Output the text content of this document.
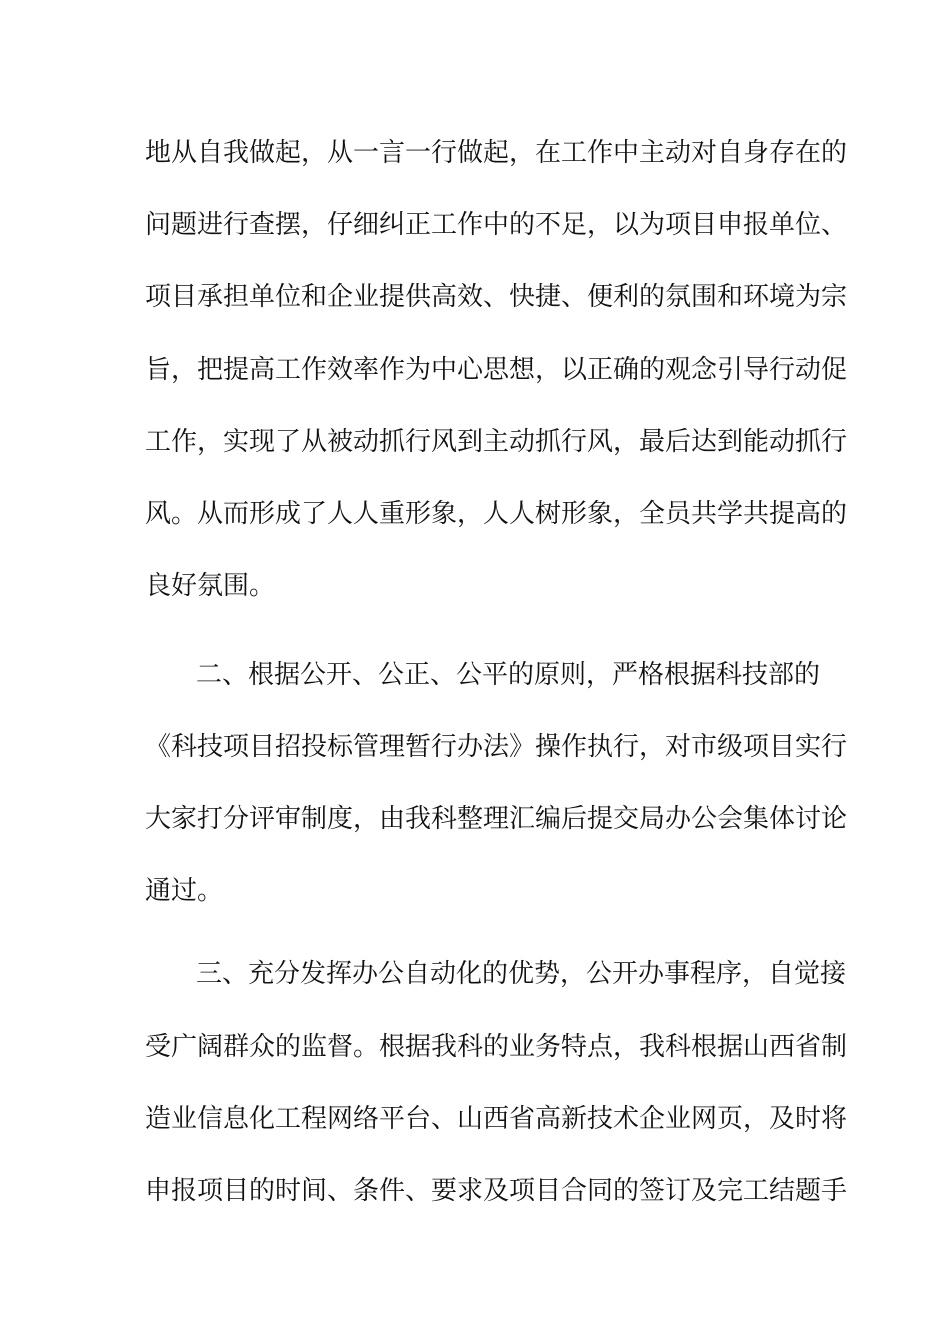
地从自我做起，从一言一行做起，在工作中主动对自身存在的
问题进行查摆，仔细纠正工作中的不足，以为项目申报单位、
项目承担单位和企业提供高效、快捷、便利的氛围和环境为宗
旨，把提高工作效率作为中心思想，以正确的观念引导行动促
工作，实现了从被动抓行风到主动抓行风，最后达到能动抓行
风。从而形成了人人重形象，人人树形象，全员共学共提高的
良好氛围。
二、根据公开、公正、公平的原则，严格根据科技部的
《科技项目招投标管理暂行办法》操作执行，对市级项目实行
大家打分评审制度，由我科整理汇编后提交局办公会集体讨论
通过。
三、充分发挥办公自动化的优势，公开办事程序，自觉接
受广阔群众的监督。根据我科的业务特点，我科根据山西省制
造业信息化工程网络平台、山西省高新技术企业网页，及时将
申报项目的时间、条件、要求及项目合同的签订及完工结题手
